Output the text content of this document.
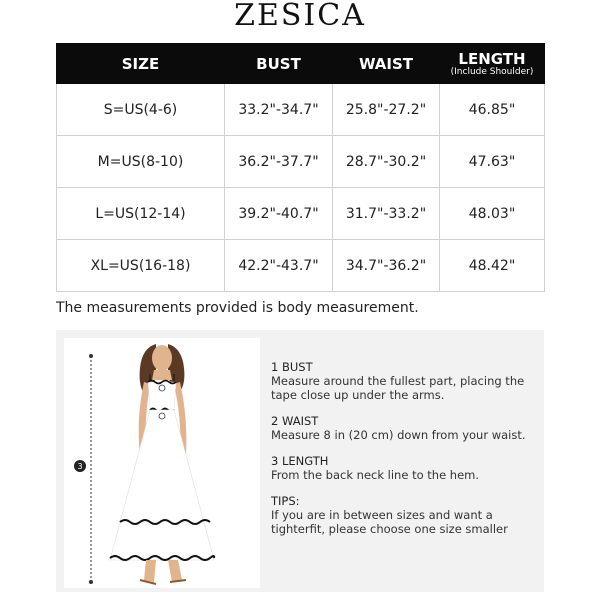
ZESICA
SIZE	BUST	WAIST	LENGTH
(Include Shoulder)

S=US(4-6)	33.2"-34.7"	25.8"-27.2"	46.85"
M=US(8-10)	36.2"-37.7"	28.7"-30.2"	47.63"
L=US(12-14)	39.2"-40.7"	31.7"-33.2"	48.03"
XL=US(16-18)	42.2"-43.7"	34.7"-36.2"	48.42"
The measurements provided is body measurement.
3
1 BUST
Measure around the fullest part, placing the tape close up under the arms.
2 WAIST
Measure 8 in (20 cm) down from your waist.
3 LENGTH
From the back neck line to the hem.
TIPS:
If you are in between sizes and want a tighterfit, please choose one size smaller
